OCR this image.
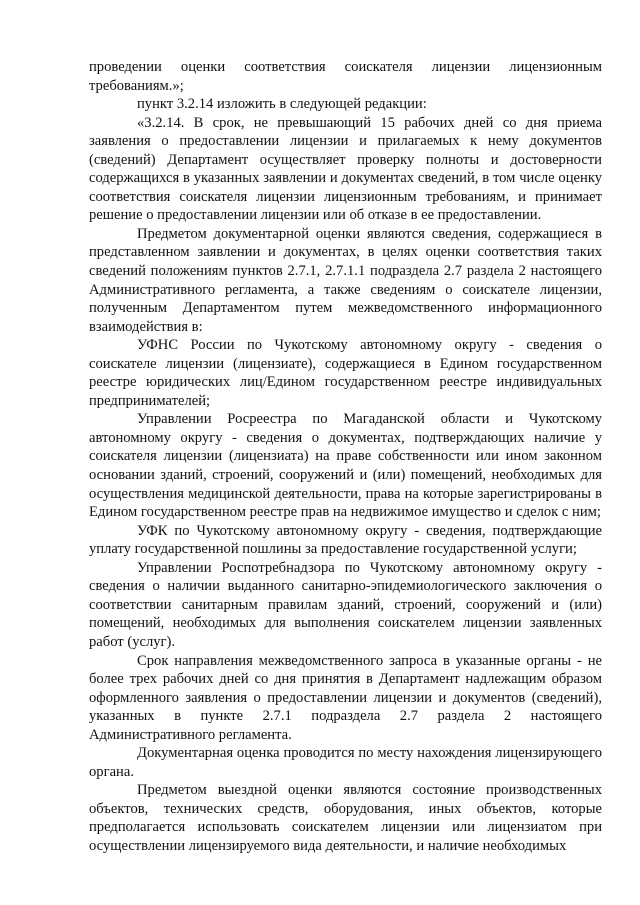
проведении оценки соответствия соискателя лицензии лицензионным требованиям.»;

пункт 3.2.14 изложить в следующей редакции:

«3.2.14. В срок, не превышающий 15 рабочих дней со дня приема заявления о предоставлении лицензии и прилагаемых к нему документов (сведений) Департамент осуществляет проверку полноты и достоверности содержащихся в указанных заявлении и документах сведений, в том числе оценку соответствия соискателя лицензии лицензионным требованиям, и принимает решение о предоставлении лицензии или об отказе в ее предоставлении.

Предметом документарной оценки являются сведения, содержащиеся в представленном заявлении и документах, в целях оценки соответствия таких сведений положениям пунктов 2.7.1, 2.7.1.1 подраздела 2.7 раздела 2 настоящего Административного регламента, а также сведениям о соискателе лицензии, полученным Департаментом путем межведомственного информационного взаимодействия в:

УФНС России по Чукотскому автономному округу - сведения о соискателе лицензии (лицензиате), содержащиеся в Едином государственном реестре юридических лиц/Едином государственном реестре индивидуальных предпринимателей;

Управлении Росреестра по Магаданской области и Чукотскому автономному округу - сведения о документах, подтверждающих наличие у соискателя лицензии (лицензиата) на праве собственности или ином законном основании зданий, строений, сооружений и (или) помещений, необходимых для осуществления медицинской деятельности, права на которые зарегистрированы в Едином государственном реестре прав на недвижимое имущество и сделок с ним;

УФК по Чукотскому автономному округу - сведения, подтверждающие уплату государственной пошлины за предоставление государственной услуги;

Управлении Роспотребнадзора по Чукотскому автономному округу - сведения о наличии выданного санитарно-эпидемиологического заключения о соответствии санитарным правилам зданий, строений, сооружений и (или) помещений, необходимых для выполнения соискателем лицензии заявленных работ (услуг).

Срок направления межведомственного запроса в указанные органы - не более трех рабочих дней со дня принятия в Департамент надлежащим образом оформленного заявления о предоставлении лицензии и документов (сведений), указанных в пункте 2.7.1 подраздела 2.7 раздела 2 настоящего Административного регламента.

Документарная оценка проводится по месту нахождения лицензирующего органа.

Предметом выездной оценки являются состояние производственных объектов, технических средств, оборудования, иных объектов, которые предполагается использовать соискателем лицензии или лицензиатом при осуществлении лицензируемого вида деятельности, и наличие необходимых
